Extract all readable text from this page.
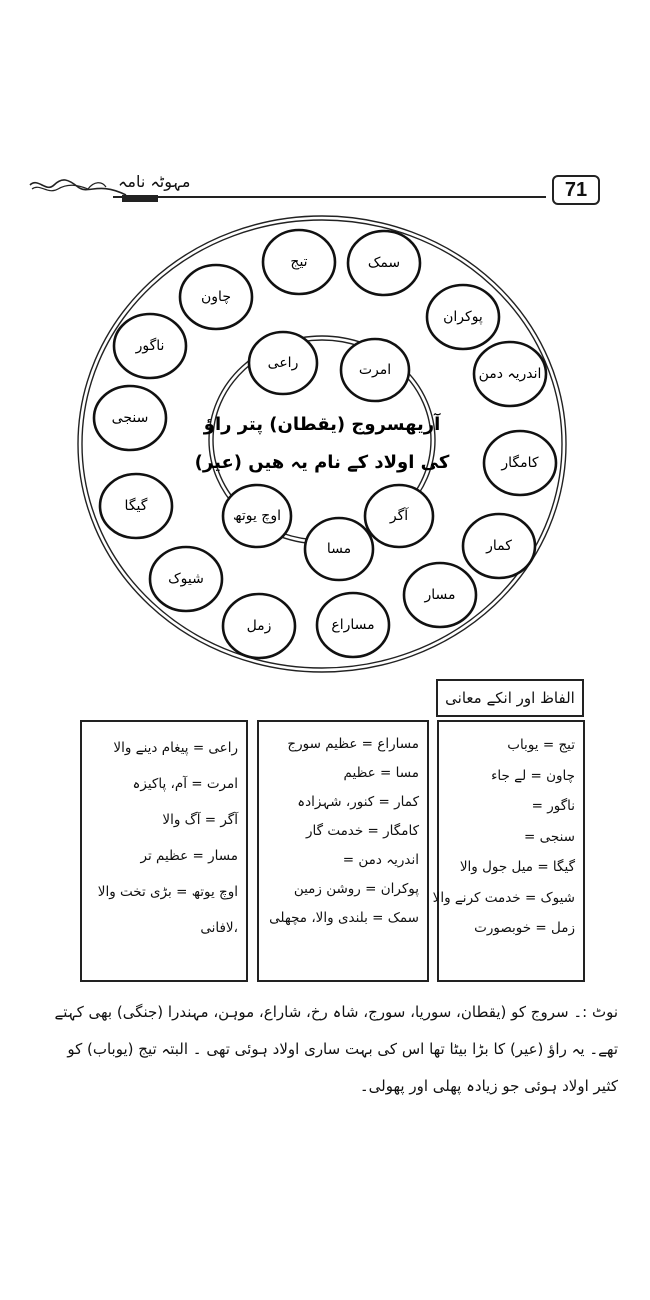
مہوٹہ نامہ	71
تیج	سمک
پوکران
اندریہ دمن
کامگار
کمار
مسار
مساراع
زمل
شیوک
گیگا
سنجی
ناگور
چاون
راعی	امرت
آگر
مسا
اوچ یوتھ
آریھسروج (یقطان) پتر راؤ
(عیر) کی اولاد کے نام یہ ھیں
الفاظ اور انکے معانی
تیج = یوباب
چاون = لے جاء
ناگور =
سنجی =
گیگا = میل جول والا
شیوک = خدمت کرنے والا
زمل = خوبصورت
مساراع = عظیم سورج
مسا = عظیم
کمار = کنور، شہزادہ
کامگار = خدمت گار
اندریہ دمن =
پوکران = روشن زمین
سمک = بلندی والا، مچھلی
راعی = پیغام دینے والا
امرت = آم، پاکیزہ
آگر = آگ والا
مسار = عظیم تر
اوچ یوتھ = بڑی تخت والا
،لافانی
نوٹ :۔ سروج کو (یقطان، سوریا، سورج، شاہ رخ، شاراع، موہن، مہندرا (جنگی) بھی کہتے تھے۔ یہ راؤ (عیر) کا بڑا بیٹا تھا اس کی بہت ساری اولاد ہوئی تھی ۔ البتہ تیج (یوباب) کو کثیر اولاد ہوئی جو زیادہ پھلی اور پھولی۔
